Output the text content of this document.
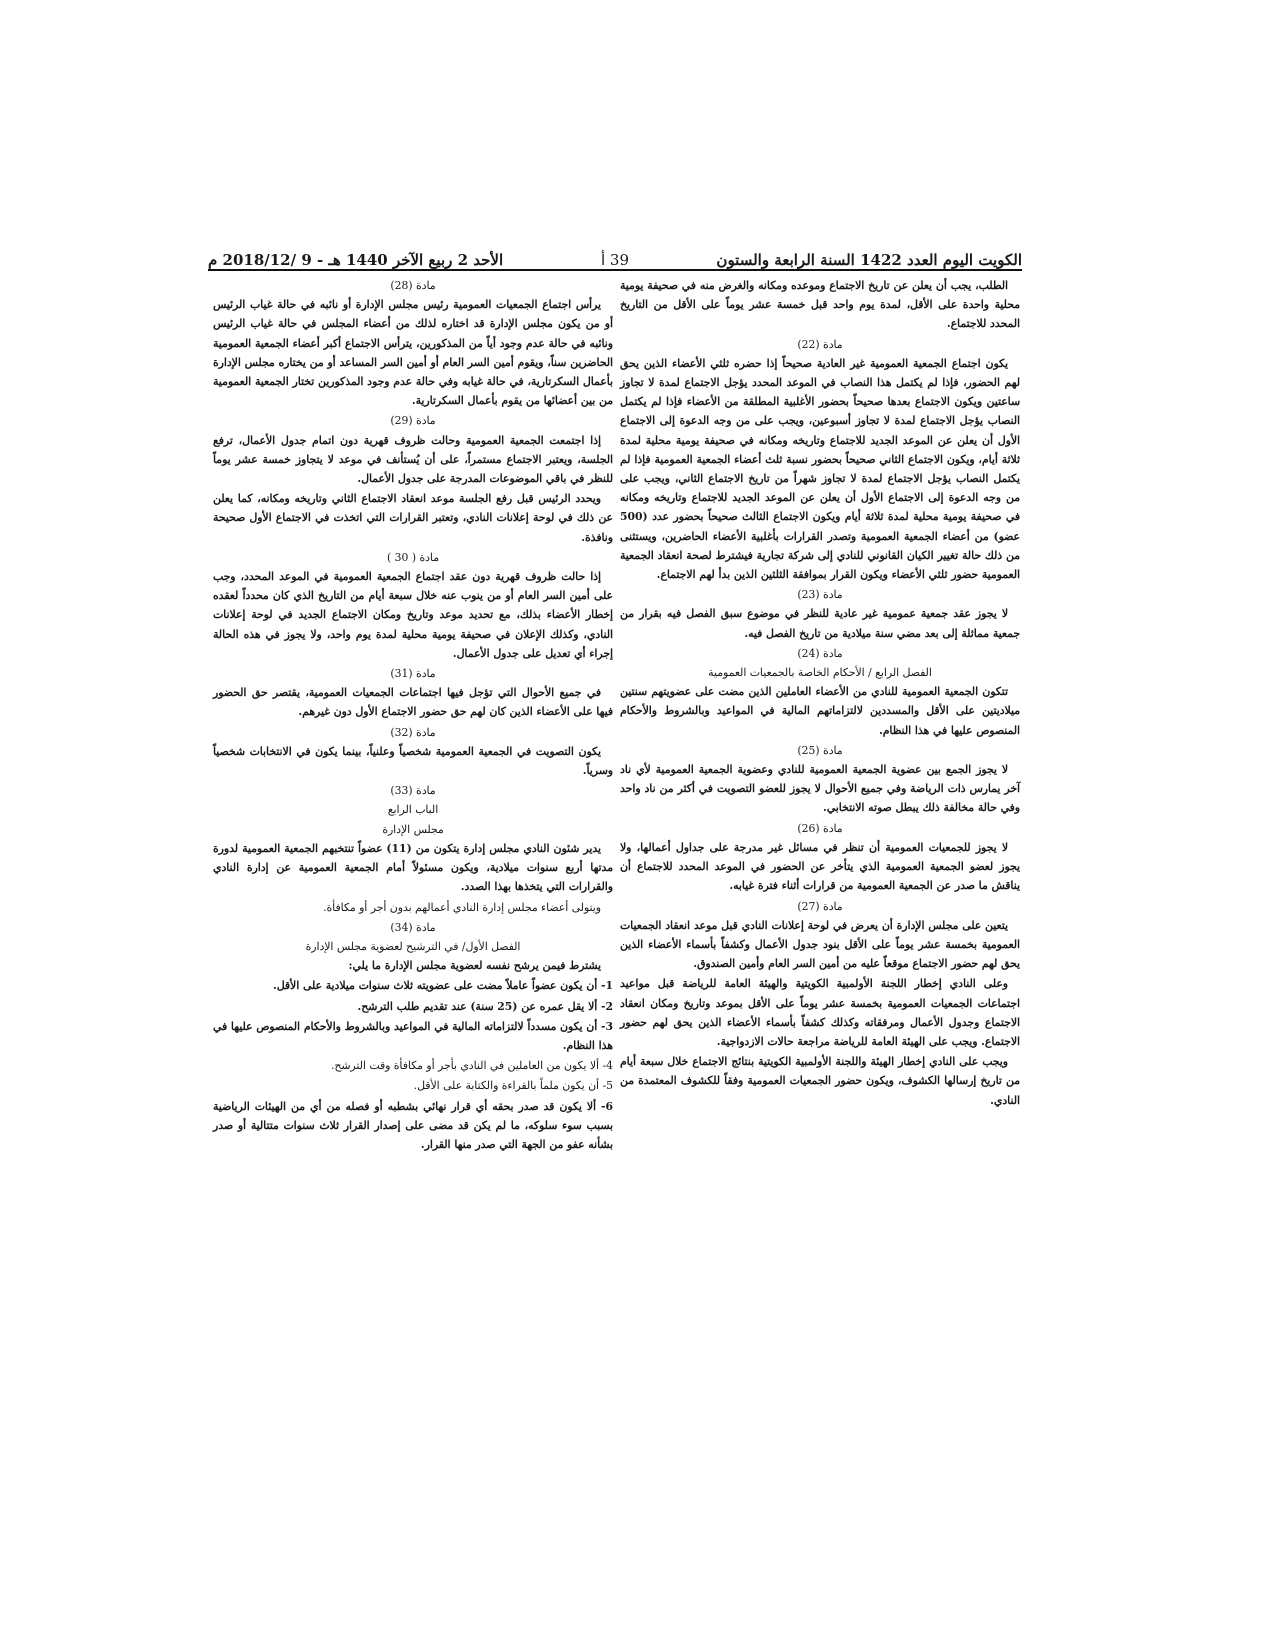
الكويت اليوم العدد 1422 السنة الرابعة والستون
39 أ
الأحد 2 ربيع الآخر 1440 هـ - 9 /2018/12 م

الطلب، يجب أن يعلن عن تاريخ الاجتماع وموعده ومكانه والغرض منه في صحيفة يومية محلية واحدة على الأقل، لمدة يوم واحد قبل خمسة عشر يوماً على الأقل من التاريخ المحدد للاجتماع.

مادة (22)

يكون اجتماع الجمعية العمومية غير العادية صحيحاً إذا حضره ثلثي الأعضاء الذين يحق لهم الحضور، فإذا لم يكتمل هذا النصاب في الموعد المحدد يؤجل الاجتماع لمدة لا تجاوز ساعتين ويكون الاجتماع بعدها صحيحاً بحضور الأغلبية المطلقة من الأعضاء فإذا لم يكتمل النصاب يؤجل الاجتماع لمدة لا تجاوز أسبوعين، ويجب على من وجه الدعوة إلى الاجتماع الأول أن يعلن عن الموعد الجديد للاجتماع وتاريخه ومكانه في صحيفة يومية محلية لمدة ثلاثة أيام، ويكون الاجتماع الثاني صحيحاً بحضور نسبة ثلث أعضاء الجمعية العمومية فإذا لم يكتمل النصاب يؤجل الاجتماع لمدة لا تجاوز شهراً من تاريخ الاجتماع الثاني، ويجب على من وجه الدعوة إلى الاجتماع الأول أن يعلن عن الموعد الجديد للاجتماع وتاريخه ومكانه في صحيفة يومية محلية لمدة ثلاثة أيام ويكون الاجتماع الثالث صحيحاً بحضور عدد (500 عضو) من أعضاء الجمعية العمومية وتصدر القرارات بأغلبية الأعضاء الحاضرين، ويستثنى من ذلك حالة تغيير الكيان القانوني للنادي إلى شركة تجارية فيشترط لصحة انعقاد الجمعية العمومية حضور ثلثي الأعضاء ويكون القرار بموافقة الثلثين الذين بدأ لهم الاجتماع.

مادة (23)

لا يجوز عقد جمعية عمومية غير عادية للنظر في موضوع سبق الفصل فيه بقرار من جمعية مماثلة إلى بعد مضي سنة ميلادية من تاريخ الفصل فيه.

مادة (24)
الفصل الرابع / الأحكام الخاصة بالجمعيات العمومية

تتكون الجمعية العمومية للنادي من الأعضاء العاملين الذين مضت على عضويتهم سنتين ميلاديتين على الأقل والمسددين لالتزاماتهم المالية في المواعيد وبالشروط والأحكام المنصوص عليها في هذا النظام.

مادة (25)

لا يجوز الجمع بين عضوية الجمعية العمومية للنادي وعضوية الجمعية العمومية لأي ناد آخر يمارس ذات الرياضة وفي جميع الأحوال لا يجوز للعضو التصويت في أكثر من ناد واحد وفي حالة مخالفة ذلك يبطل صوته الانتخابي.

مادة (26)

لا يجوز للجمعيات العمومية أن تنظر في مسائل غير مدرجة على جداول أعمالها، ولا يجوز لعضو الجمعية العمومية الذي يتأخر عن الحضور في الموعد المحدد للاجتماع أن يناقش ما صدر عن الجمعية العمومية من قرارات أثناء فترة غيابه.

مادة (27)

يتعين على مجلس الإدارة أن يعرض في لوحة إعلانات النادي قبل موعد انعقاد الجمعيات العمومية بخمسة عشر يوماً على الأقل بنود جدول الأعمال وكشفاً بأسماء الأعضاء الذين يحق لهم حضور الاجتماع موقعاً عليه من أمين السر العام وأمين الصندوق.

وعلى النادي إخطار اللجنة الأولمبية الكويتية والهيئة العامة للرياضة قبل مواعيد اجتماعات الجمعيات العمومية بخمسة عشر يوماً على الأقل بموعد وتاريخ ومكان انعقاد الاجتماع وجدول الأعمال ومرفقاته وكذلك كشفاً بأسماء الأعضاء الذين يحق لهم حضور الاجتماع. ويجب على الهيئة العامة للرياضة مراجعة حالات الازدواجية.

ويجب على النادي إخطار الهيئة واللجنة الأولمبية الكويتية بنتائج الاجتماع خلال سبعة أيام من تاريخ إرسالها الكشوف، ويكون حضور الجمعيات العمومية وفقاً للكشوف المعتمدة من النادي.

مادة (28)

يرأس اجتماع الجمعيات العمومية رئيس مجلس الإدارة أو نائبه في حالة غياب الرئيس أو من يكون مجلس الإدارة قد اختاره لذلك من أعضاء المجلس في حالة غياب الرئيس ونائبه في حالة عدم وجود أياً من المذكورين، يترأس الاجتماع أكبر أعضاء الجمعية العمومية الحاضرين سناً، ويقوم أمين السر العام أو أمين السر المساعد أو من يختاره مجلس الإدارة بأعمال السكرتارية، في حالة غيابه وفي حالة عدم وجود المذكورين تختار الجمعية العمومية من بين أعضائها من يقوم بأعمال السكرتارية.

مادة (29)

إذا اجتمعت الجمعية العمومية وحالت ظروف قهرية دون اتمام جدول الأعمال، ترفع الجلسة، ويعتبر الاجتماع مستمراً، على أن يُستأنف في موعد لا يتجاوز خمسة عشر يوماً للنظر في باقي الموضوعات المدرجة على جدول الأعمال.

ويحدد الرئيس قبل رفع الجلسة موعد انعقاد الاجتماع الثاني وتاريخه ومكانه، كما يعلن عن ذلك في لوحة إعلانات النادي، وتعتبر القرارات التي اتخذت في الاجتماع الأول صحيحة ونافذة.

مادة ( 30 )

إذا حالت ظروف قهرية دون عقد اجتماع الجمعية العمومية في الموعد المحدد، وجب على أمين السر العام أو من ينوب عنه خلال سبعة أيام من التاريخ الذي كان محدداً لعقده إخطار الأعضاء بذلك، مع تحديد موعد وتاريخ ومكان الاجتماع الجديد في لوحة إعلانات النادي، وكذلك الإعلان في صحيفة يومية محلية لمدة يوم واحد، ولا يجوز في هذه الحالة إجراء أي تعديل على جدول الأعمال.

مادة (31)

في جميع الأحوال التي تؤجل فيها اجتماعات الجمعيات العمومية، يقتصر حق الحضور فيها على الأعضاء الذين كان لهم حق حضور الاجتماع الأول دون غيرهم.

مادة (32)

يكون التصويت في الجمعية العمومية شخصياً وعلنياً، بينما يكون في الانتخابات شخصياً وسرياً.

مادة (33)
الباب الرابع
مجلس الإدارة

يدير شئون النادي مجلس إدارة يتكون من (11) عضواً تنتخبهم الجمعية العمومية لدورة مدتها أربع سنوات ميلادية، ويكون مسئولاً أمام الجمعية العمومية عن إدارة النادي والقرارات التي يتخذها بهذا الصدد.

ويتولى أعضاء مجلس إدارة النادي أعمالهم بدون أجر أو مكافأة.

مادة (34)
الفصل الأول/ في الترشيح لعضوية مجلس الإدارة

يشترط فيمن يرشح نفسه لعضوية مجلس الإدارة ما يلي:

1- أن يكون عضواً عاملاً مضت على عضويته ثلاث سنوات ميلادية على الأقل.

2- ألا يقل عمره عن (25 سنة) عند تقديم طلب الترشح.

3- أن يكون مسدداً لالتزاماته المالية في المواعيد وبالشروط والأحكام المنصوص عليها في هذا النظام.

4- ألا يكون من العاملين في النادي بأجر أو مكافأة وقت الترشح.

5- أن يكون ملماً بالقراءة والكتابة على الأقل.

6- ألا يكون قد صدر بحقه أي قرار نهائي بشطبه أو فصله من أي من الهيئات الرياضية بسبب سوء سلوكه، ما لم يكن قد مضى على إصدار القرار ثلاث سنوات متتالية أو صدر بشأنه عفو من الجهة التي صدر منها القرار.
